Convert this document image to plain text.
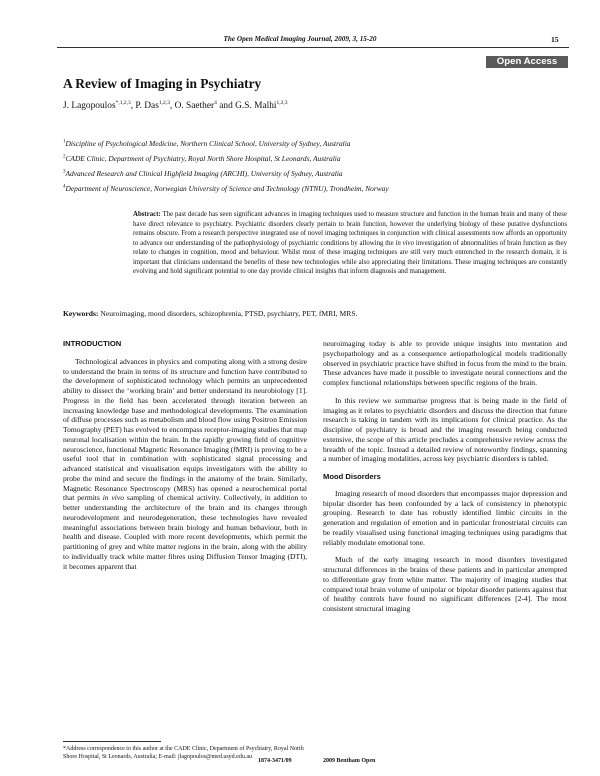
The Open Medical Imaging Journal, 2009, 3, 15-20	15
Open Access
A Review of Imaging in Psychiatry
J. Lagopoulos$^{*,1,2,3}$, P. Das$^{1,2,3}$, O. Saether$^4$ and G.S. Malhi$^{1,2,3}$
$^1$Discipline of Psychological Medicine, Northern Clinical School, University of Sydney, Australia
$^2$CADE Clinic, Department of Psychiatry, Royal North Shore Hospital, St Leonards, Australia
$^3$Advanced Research and Clinical Highfield Imaging (ARCHI), University of Sydney, Australia
$^4$Department of Neuroscience, Norwegian University of Science and Technology (NTNU), Trondheim, Norway
Abstract: The past decade has seen significant advances in imaging techniques used to measure structure and function in the human brain and many of these have direct relevance to psychiatry. Psychiatric disorders clearly pertain to brain function, however the underlying biology of these putative dysfunctions remains obscure. From a research perspective integrated use of novel imaging techniques in conjunction with clinical assessments now affords an opportunity to advance our understanding of the pathophysiology of psychiatric conditions by allowing the in vivo investigation of abnormalities of brain function as they relate to changes in cognition, mood and behaviour. Whilst most of these imaging techniques are still very much entrenched in the research domain, it is important that clinicians understand the benefits of these new technologies while also appreciating their limitations. These imaging techniques are constantly evolving and hold significant potential to one day provide clinical insights that inform diagnosis and management.
Keywords: Neuroimaging, mood disorders, schizophrenia, PTSD, psychiatry, PET, fMRI, MRS.
INTRODUCTION

Technological advances in physics and computing along with a strong desire to understand the brain in terms of its structure and function have contributed to the development of sophisticated technology which permits an unprecedented ability to dissect the ‘working brain’ and better understand its neurobiology [1]. Progress in the field has been accelerated through iteration between an increasing knowledge base and methodological developments. The examination of diffuse processes such as metabolism and blood flow using Positron Emission Tomography (PET) has evolved to encompass receptor-imaging studies that map neuronal localisation within the brain. In the rapidly growing field of cognitive neuroscience, functional Magnetic Resonance Imaging (fMRI) is proving to be a useful tool that in combination with sophisticated signal processing and advanced statistical and visualisation equips investigators with the ability to probe the mind and secure the findings in the anatomy of the brain. Similarly, Magnetic Resonance Spectroscopy (MRS) has opened a neurochemical portal that permits in vivo sampling of chemical activity. Collectively, in addition to better understanding the architecture of the brain and its changes through neurodevelopment and neurodegeneration, these technologies have revealed meaningful associations between brain biology and human behaviour, both in health and disease. Coupled with more recent developments, which permit the partitioning of grey and white matter regions in the brain, along with the ability to individually track white matter fibres using Diffusion Tensor Imaging (DTI), it becomes apparent that

neuroimaging today is able to provide unique insights into mentation and psychopathology and as a consequence aetiopathological models traditionally observed in psychiatric practice have shifted in focus from the mind to the brain. These advances have made it possible to investigate neural connections and the complex functional relationships between specific regions of the brain.

In this review we summarise progress that is being made in the field of imaging as it relates to psychiatric disorders and discuss the direction that future research is taking in tandem with its implications for clinical practice. As the discipline of psychiatry is broad and the imaging research being conducted extensive, the scope of this article precludes a comprehensive review across the breadth of the topic. Instead a detailed review of noteworthy findings, spanning a number of imaging modalities, across key psychiatric disorders is tabled.

Mood Disorders

Imaging research of mood disorders that encompasses major depression and bipolar disorder has been confounded by a lack of consistency in phenotypic grouping. Research to date has robustly identified limbic circuits in the generation and regulation of emotion and in particular fronostriatal circuits can be readily visualised using functional imaging techniques using paradigms that reliably modulate emotional tone.

Much of the early imaging research in mood disorders investigated structural differences in the brains of these patients and in particular attempted to differentiate gray from white matter. The majority of imaging studies that compared total brain volume of unipolar or bipolar disorder patients against that of healthy controls have found no significant differences [2-4]. The most consistent structural imaging

*Address correspondence to this author at the CADE Clinic, Department of Psychiatry, Royal North Shore Hospital, St Leonards, Australia; E-mail: jlagopoulos@med.usyd.edu.au
1874-3471/09	2009 Bentham Open
